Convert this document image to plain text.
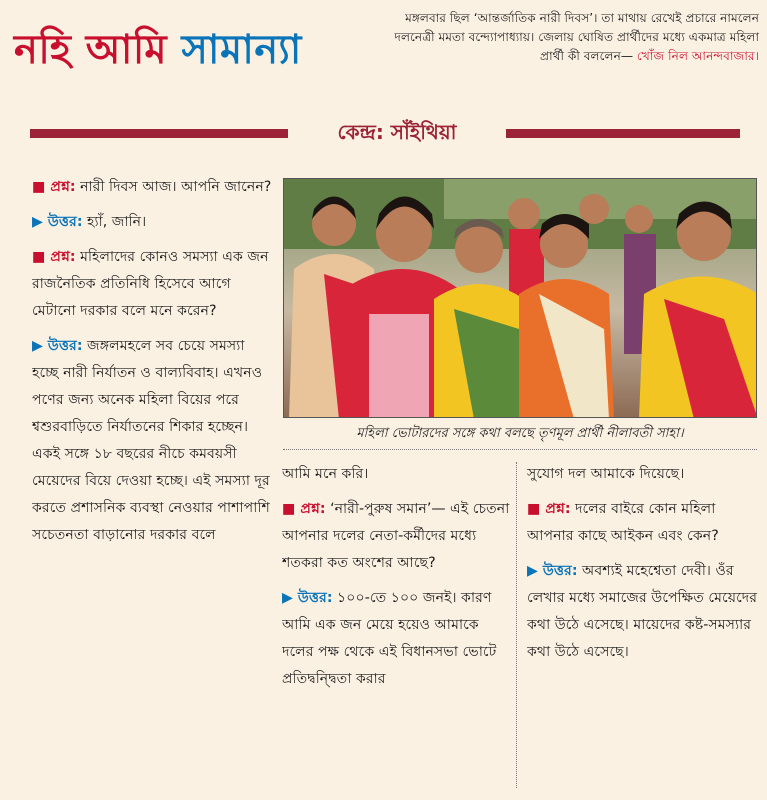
নহি আমি সামান্যা
মঙ্গলবার ছিল ‘আন্তর্জাতিক নারী দিবস’। তা মাথায় রেখেই প্রচারে নামলেন দলনেত্রী মমতা বন্দ্যোপাধ্যায়। জেলায় ঘোষিত প্রার্থীদের মধ্যে একমাত্র মহিলা প্রার্থী কী বললেন— খোঁজ নিল আনন্দবাজার।
কেন্দ্র: সাঁইথিয়া

■ প্রশ্ন: নারী দিবস আজ। আপনি জানেন?

▶ উত্তর: হ্যাঁ, জানি।

■ প্রশ্ন: মহিলাদের কোনও সমস্যা এক জন রাজনৈতিক প্রতিনিধি হিসেবে আগে মেটানো দরকার বলে মনে করেন?

▶ উত্তর: জঙ্গলমহলে সব চেয়ে সমস্যা হচ্ছে নারী নির্যাতন ও বাল্যবিবাহ। এখনও পণের জন্য অনেক মহিলা বিয়ের পরে শ্বশুরবাড়িতে নির্যাতনের শিকার হচ্ছেন। একই সঙ্গে ১৮ বছরের নীচে কমবয়সী মেয়েদের বিয়ে দেওয়া হচ্ছে। এই সমস্যা দূর করতে প্রশাসনিক ব্যবস্থা নেওয়ার পাশাপাশি সচেতনতা বাড়ানোর দরকার বলে

মহিলা ভোটারদের সঙ্গে কথা বলছে তৃণমূল প্রার্থী নীলাবতী সাহা।

আমি মনে করি।

■ প্রশ্ন: ‘নারী-পুরুষ সমান’— এই চেতনা আপনার দলের নেতা-কর্মীদের মধ্যে শতকরা কত অংশের আছে?

▶ উত্তর: ১০০-তে ১০০ জনই। কারণ আমি এক জন মেয়ে হয়েও আমাকে দলের পক্ষ থেকে এই বিধানসভা ভোটে প্রতিদ্বন্দ্বিতা করার

সুযোগ দল আমাকে দিয়েছে।

■ প্রশ্ন: দলের বাইরে কোন মহিলা আপনার কাছে আইকন এবং কেন?

▶ উত্তর: অবশ্যই মহেশ্বেতা দেবী। ওঁর লেখার মধ্যে সমাজের উপেক্ষিত মেয়েদের কথা উঠে এসেছে। মায়েদের কষ্ট-সমস্যার কথা উঠে এসেছে।
